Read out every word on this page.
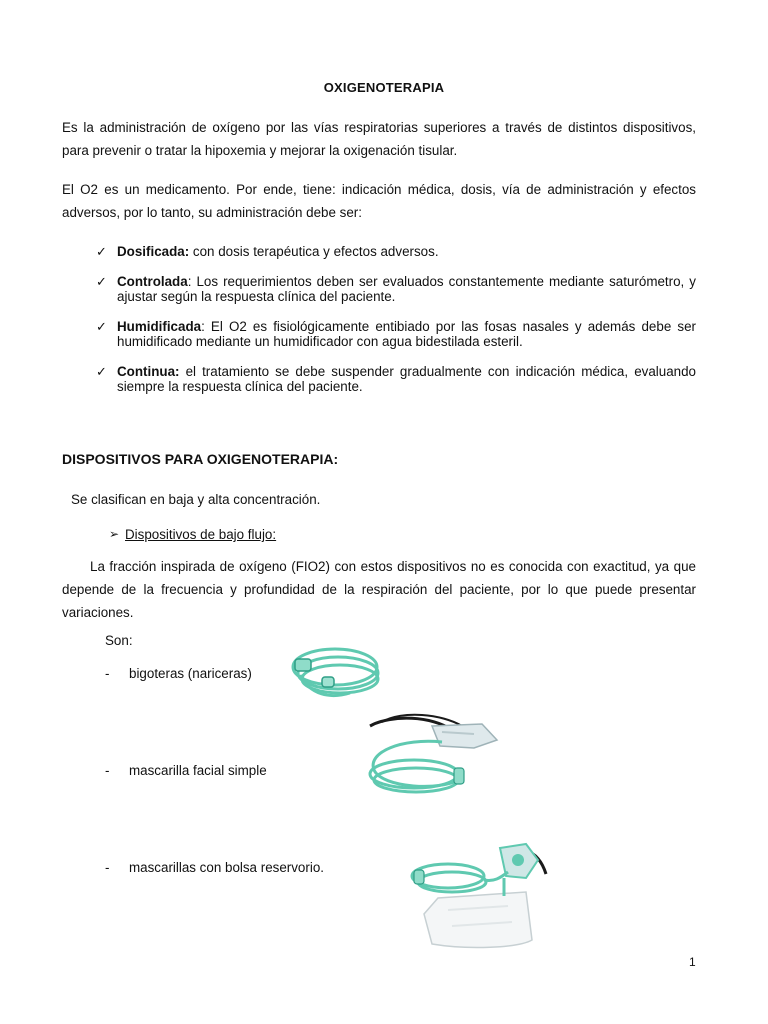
OXIGENOTERAPIA
Es la administración de oxígeno por las vías respiratorias superiores a través de distintos dispositivos, para prevenir o tratar la hipoxemia y mejorar la oxigenación tisular.
El O2 es un medicamento. Por ende, tiene: indicación médica, dosis, vía de administración y efectos adversos, por lo tanto, su administración debe ser:
✓ Dosificada: con dosis terapéutica y efectos adversos.
✓ Controlada: Los requerimientos deben ser evaluados constantemente mediante saturómetro, y ajustar según la respuesta clínica del paciente.
✓ Humidificada: El O2 es fisiológicamente entibiado por las fosas nasales y además debe ser humidificado mediante un humidificador con agua bidestilada esteril.
✓ Continua: el tratamiento se debe suspender gradualmente con indicación médica, evaluando siempre la respuesta clínica del paciente.
DISPOSITIVOS PARA OXIGENOTERAPIA:
Se clasifican en baja y alta concentración.
➢ Dispositivos de bajo flujo:
La fracción inspirada de oxígeno (FIO2) con estos dispositivos no es conocida con exactitud, ya que depende de la frecuencia y profundidad de la respiración del paciente, por lo que puede presentar variaciones.
Son:
- bigoteras (nariceras)
- mascarilla facial simple
- mascarillas con bolsa reservorio.
1
